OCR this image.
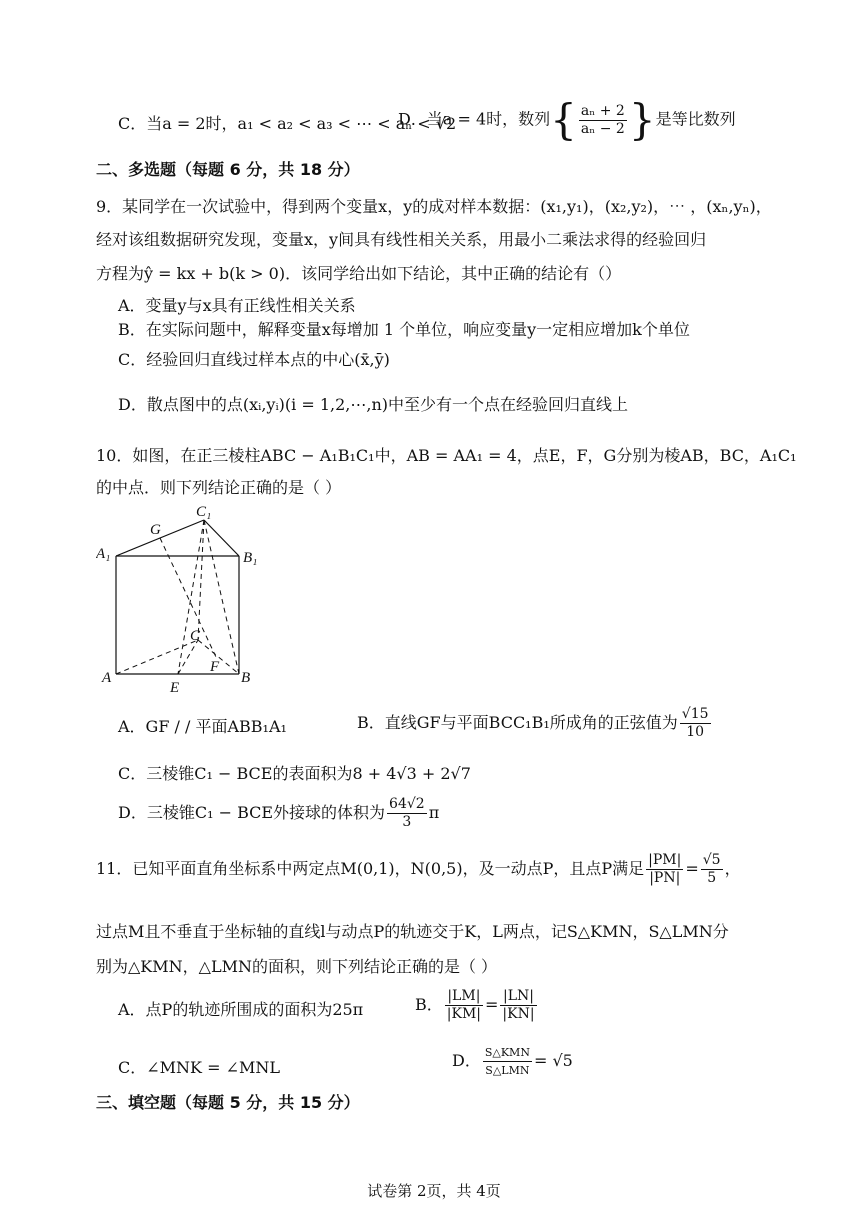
C．当a = 2时，a₁ < a₂ < a₃ < ⋯ < aₙ < √2
D．当a = 4时，数列{ $\frac{\text{aₙ + 2}}{\text{aₙ − 2}}$ }是等比数列
二、多选题（每题 6 分，共 18 分）
9．某同学在一次试验中，得到两个变量x，y的成对样本数据：(x₁,y₁)，(x₂,y₂)，⋯ ，(xₙ,yₙ)，
经对该组数据研究发现，变量x，y间具有线性相关关系，用最小二乘法求得的经验回归
方程为ŷ = kx + b(k > 0)．该同学给出如下结论，其中正确的结论有（）
A．变量y与x具有正线性相关关系
B．在实际问题中，解释变量x每增加 1 个单位，响应变量y一定相应增加k个单位
C．经验回归直线过样本点的中心(x̄,ȳ)
D．散点图中的点(xᵢ,yᵢ)(i = 1,2,⋯,n)中至少有一个点在经验回归直线上
10．如图，在正三棱柱ABC − A₁B₁C₁中，AB = AA₁ = 4，点E，F，G分别为棱AB，BC，A₁C₁
的中点．则下列结论正确的是（ ）
C₁
G
A₁	B₁
C
F
A
E
B
A．GF / / 平面ABB₁A₁	B．直线GF与平面BCC₁B₁所成角的正弦值为 $\frac{√15}{10}$
C．三棱锥C₁ − BCE的表面积为8 + 4√3 + 2√7
D．三棱锥C₁ − BCE外接球的体积为 $\frac{64√2}{3}$ π
11．已知平面直角坐标系中两定点M(0,1)，N(0,5)，及一动点P，且点P满足 $\frac{|PM|}{|PN|} = \frac{√5}{5}$ ，
过点M且不垂直于坐标轴的直线l与动点P的轨迹交于K，L两点，记S△KMN，S△LMN分
别为△KMN，△LMN的面积，则下列结论正确的是（ ）
A．点P的轨迹所围成的面积为25π	B． $\frac{|LM|}{|KM|} = \frac{|LN|}{|KN|}$
C．∠MNK = ∠MNL	D． $\frac{\text{S△KMN}}{\text{S△LMN}} = √5$
三、填空题（每题 5 分，共 15 分）
试卷第 2页，共 4页
